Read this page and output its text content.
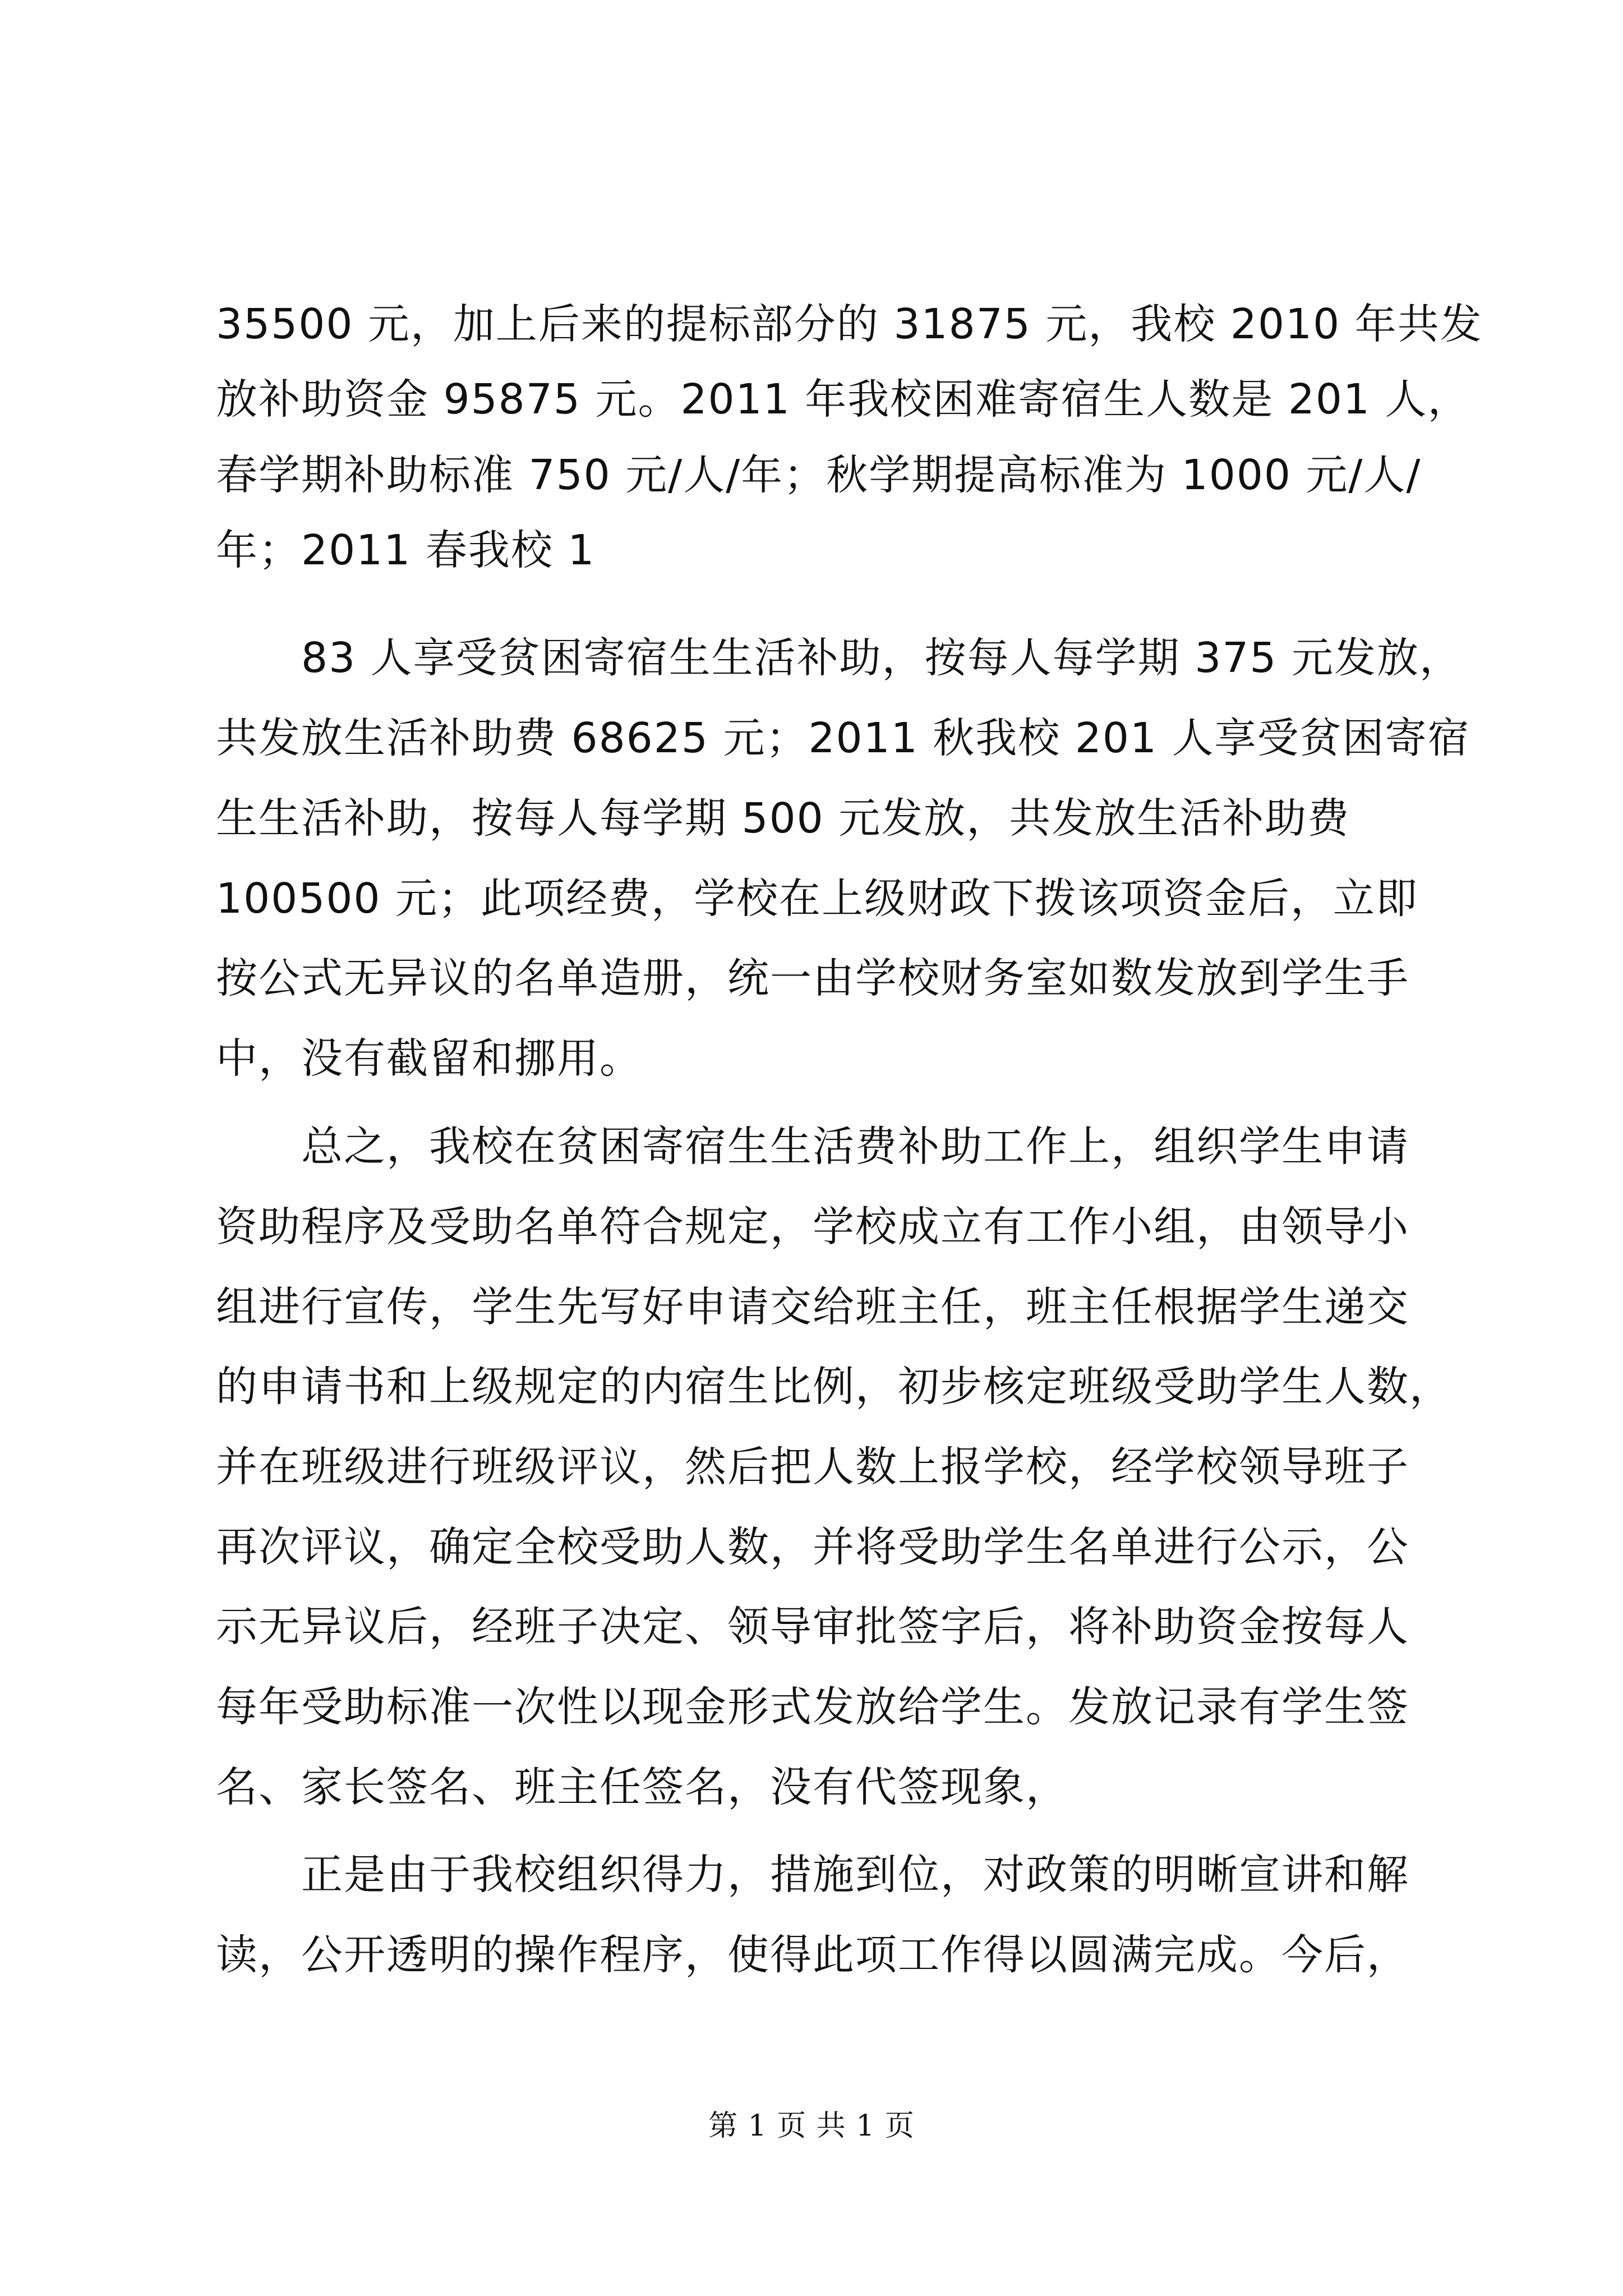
35500 元，加上后来的提标部分的 31875 元，我校 2010 年共发
放补助资金 95875 元。2011 年我校困难寄宿生人数是 201 人，
春学期补助标准 750 元/人/年；秋学期提高标准为 1000 元/人/
年；2011 春我校 1
　　83 人享受贫困寄宿生生活补助，按每人每学期 375 元发放，
共发放生活补助费 68625 元；2011 秋我校 201 人享受贫困寄宿
生生活补助，按每人每学期 500 元发放，共发放生活补助费
100500 元；此项经费，学校在上级财政下拨该项资金后，立即
按公式无异议的名单造册，统一由学校财务室如数发放到学生手
中，没有截留和挪用。
　　总之，我校在贫困寄宿生生活费补助工作上，组织学生申请
资助程序及受助名单符合规定，学校成立有工作小组，由领导小
组进行宣传，学生先写好申请交给班主任，班主任根据学生递交
的申请书和上级规定的内宿生比例，初步核定班级受助学生人数，
并在班级进行班级评议，然后把人数上报学校，经学校领导班子
再次评议，确定全校受助人数，并将受助学生名单进行公示，公
示无异议后，经班子决定、领导审批签字后，将补助资金按每人
每年受助标准一次性以现金形式发放给学生。发放记录有学生签
名、家长签名、班主任签名，没有代签现象，
　　正是由于我校组织得力，措施到位，对政策的明晰宣讲和解
读，公开透明的操作程序，使得此项工作得以圆满完成。今后，
第 1 页 共 1 页
